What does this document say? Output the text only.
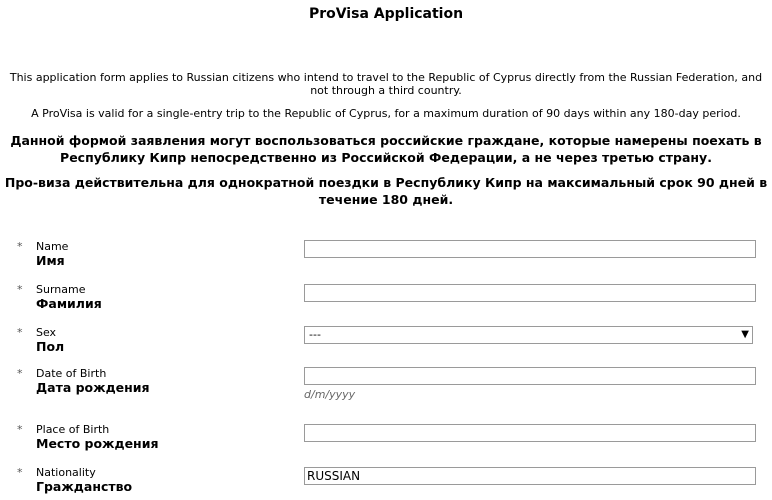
ProVisa Application
This application form applies to Russian citizens who intend to travel to the Republic of Cyprus directly from the Russian Federation, and
not through a third country.
A ProVisa is valid for a single-entry trip to the Republic of Cyprus, for a maximum duration of 90 days within any 180-day period.
Данной формой заявления могут воспользоваться российские граждане, которые намерены поехать в
Республику Кипр непосредственно из Российской Федерации, а не через третью страну.
Про-виза действительна для однократной поездки в Республику Кипр на максимальный срок 90 дней в
течение 180 дней.
* Name
Имя
* Surname
Фамилия
* Sex
Пол
---	▼
* Date of Birth
Дата рождения	d/m/yyyy
* Place of Birth
Место рождения
* Nationality
Гражданство
RUSSIAN
